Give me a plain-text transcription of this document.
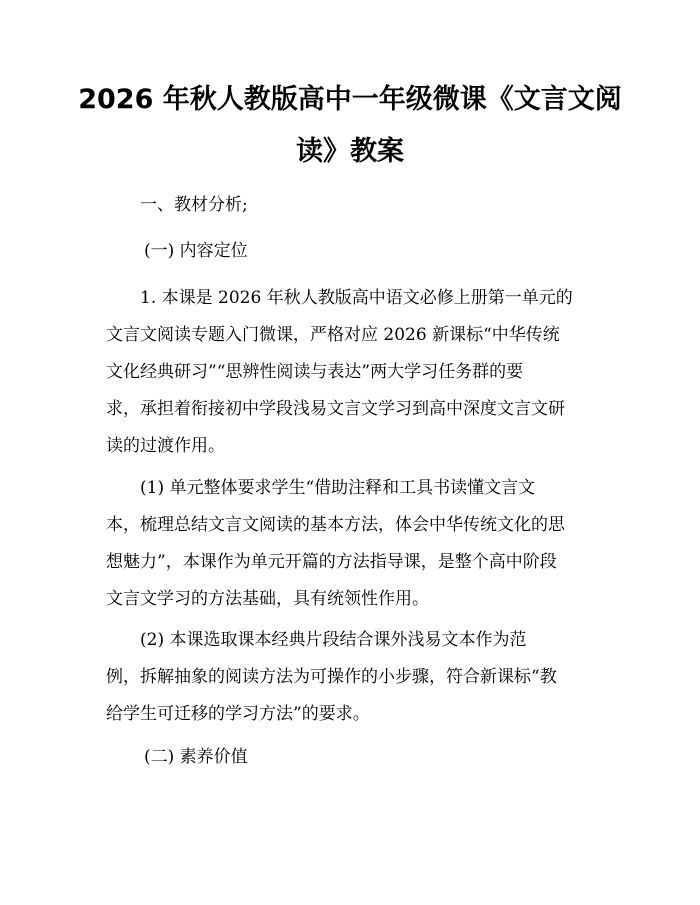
2026 年秋人教版高中一年级微课《文言文阅
读》教案

一、教材分析;

(一) 内容定位

1. 本课是 2026 年秋人教版高中语文必修上册第一单元的
文言文阅读专题入门微课，严格对应 2026 新课标“中华传统
文化经典研习”“思辨性阅读与表达”两大学习任务群的要
求，承担着衔接初中学段浅易文言文学习到高中深度文言文研
读的过渡作用。
(1) 单元整体要求学生“借助注释和工具书读懂文言文
本，梳理总结文言文阅读的基本方法，体会中华传统文化的思
想魅力”，本课作为单元开篇的方法指导课，是整个高中阶段
文言文学习的方法基础，具有统领性作用。
(2) 本课选取课本经典片段结合课外浅易文本作为范
例，拆解抽象的阅读方法为可操作的小步骤，符合新课标“教
给学生可迁移的学习方法”的要求。

(二) 素养价值
